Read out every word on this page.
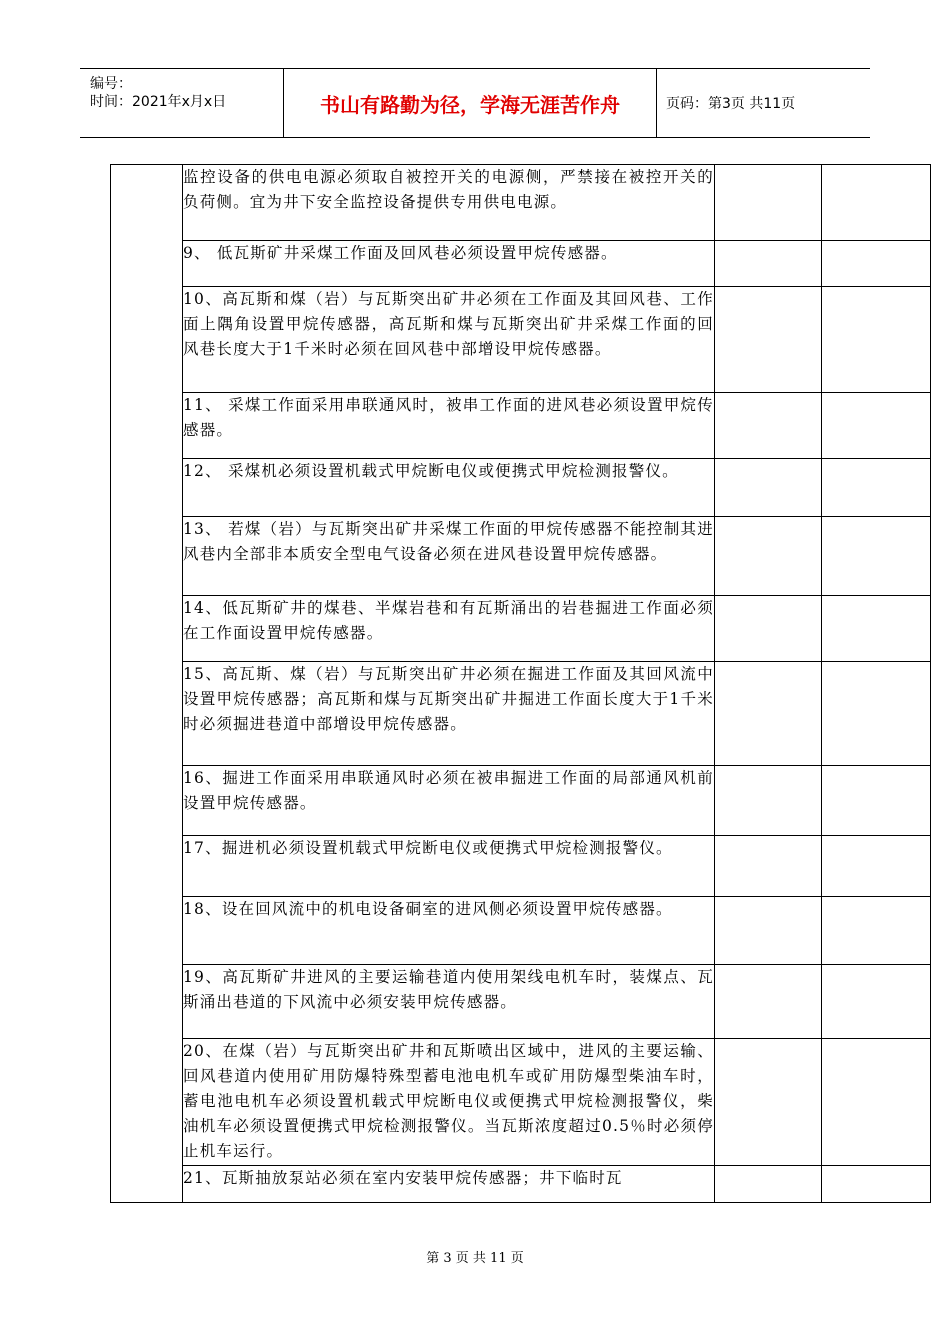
编号：
时间：2021年x月x日	书山有路勤为径，学海无涯苦作舟	页码：第3页 共11页
	监控设备的供电电源必须取自被控开关的电源侧，严禁接在被控开关的负荷侧。宜为井下安全监控设备提供专用供电电源。		
	9、 低瓦斯矿井采煤工作面及回风巷必须设置甲烷传感器。		
	10、高瓦斯和煤（岩）与瓦斯突出矿井必须在工作面及其回风巷、工作面上隅角设置甲烷传感器，高瓦斯和煤与瓦斯突出矿井采煤工作面的回风巷长度大于1千米时必须在回风巷中部增设甲烷传感器。		
	11、 采煤工作面采用串联通风时，被串工作面的进风巷必须设置甲烷传感器。		
	12、 采煤机必须设置机载式甲烷断电仪或便携式甲烷检测报警仪。		
	13、 若煤（岩）与瓦斯突出矿井采煤工作面的甲烷传感器不能控制其进风巷内全部非本质安全型电气设备必须在进风巷设置甲烷传感器。		
	14、低瓦斯矿井的煤巷、半煤岩巷和有瓦斯涌出的岩巷掘进工作面必须在工作面设置甲烷传感器。		
	15、高瓦斯、煤（岩）与瓦斯突出矿井必须在掘进工作面及其回风流中设置甲烷传感器；高瓦斯和煤与瓦斯突出矿井掘进工作面长度大于1千米时必须掘进巷道中部增设甲烷传感器。		
	16、掘进工作面采用串联通风时必须在被串掘进工作面的局部通风机前设置甲烷传感器。		
	17、掘进机必须设置机载式甲烷断电仪或便携式甲烷检测报警仪。		
	18、设在回风流中的机电设备硐室的进风侧必须设置甲烷传感器。		
	19、高瓦斯矿井进风的主要运输巷道内使用架线电机车时，装煤点、瓦斯涌出巷道的下风流中必须安装甲烷传感器。		
	20、在煤（岩）与瓦斯突出矿井和瓦斯喷出区域中，进风的主要运输、回风巷道内使用矿用防爆特殊型蓄电池电机车或矿用防爆型柴油车时，蓄电池电机车必须设置机载式甲烷断电仪或便携式甲烷检测报警仪，柴油机车必须设置便携式甲烷检测报警仪。当瓦斯浓度超过0.5％时必须停止机车运行。		
	21、瓦斯抽放泵站必须在室内安装甲烷传感器；井下临时瓦		
第 3 页 共 11 页
